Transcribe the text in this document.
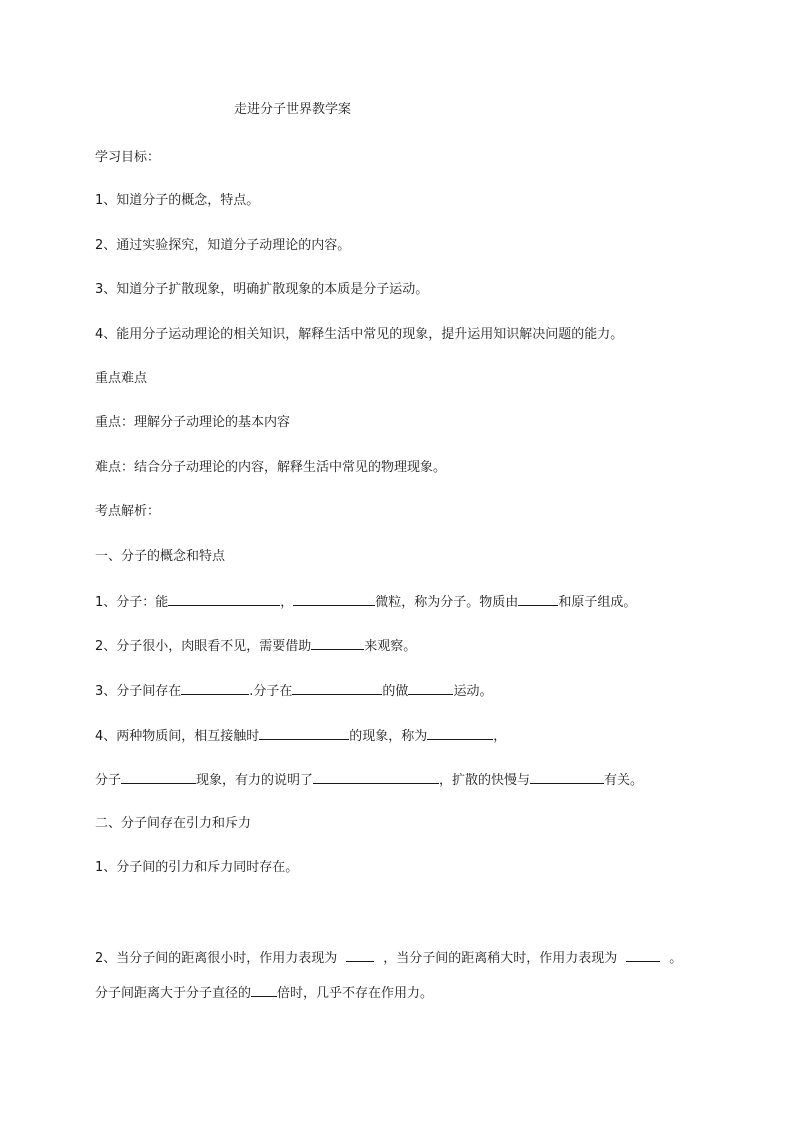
走进分子世界教学案
学习目标：
1、知道分子的概念，特点。
2、通过实验探究，知道分子动理论的内容。
3、知道分子扩散现象，明确扩散现象的本质是分子运动。
4、能用分子运动理论的相关知识，解释生活中常见的现象，提升运用知识解决问题的能力。
重点难点
重点：理解分子动理论的基本内容
难点：结合分子动理论的内容，解释生活中常见的物理现象。
考点解析：
一、分子的概念和特点
1、分子：能	，	微粒，称为分子。物质由	和原子组成。
2、分子很小，肉眼看不见，需要借助	来观察。
3、分子间存在	.分子在	的做	运动。
4、两种物质间，相互接触时	的现象，称为	，
分子	现象，有力的说明了	，扩散的快慢与	有关。
二、分子间存在引力和斥力
1、分子间的引力和斥力同时存在。
2、当分子间的距离很小时，作用力表现为	，当分子间的距离稍大时，作用力表现为	。
分子间距离大于分子直径的 倍时，几乎不存在作用力。
